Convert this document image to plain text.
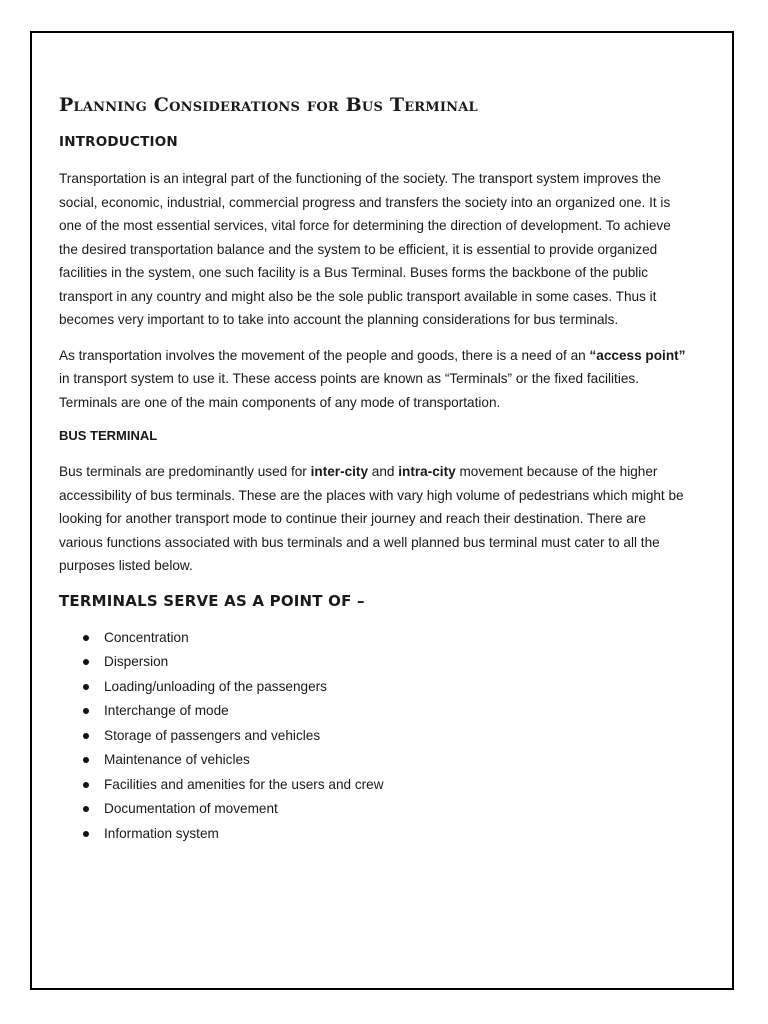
Planning Considerations for Bus Terminal
INTRODUCTION

Transportation is an integral part of the functioning of the society. The transport system improves the social, economic, industrial, commercial progress and transfers the society into an organized one. It is one of the most essential services, vital force for determining the direction of development. To achieve the desired transportation balance and the system to be efficient, it is essential to provide organized facilities in the system, one such facility is a Bus Terminal. Buses forms the backbone of the public transport in any country and might also be the sole public transport available in some cases. Thus it becomes very important to to take into account the planning considerations for bus terminals.

As transportation involves the movement of the people and goods, there is a need of an “access point” in transport system to use it. These access points are known as “Terminals” or the fixed facilities. Terminals are one of the main components of any mode of transportation.

BUS TERMINAL

Bus terminals are predominantly used for inter-city and intra-city movement because of the higher accessibility of bus terminals. These are the places with vary high volume of pedestrians which might be looking for another transport mode to continue their journey and reach their destination. There are various functions associated with bus terminals and a well planned bus terminal must cater to all the purposes listed below.

TERMINALS SERVE AS A POINT OF –
Concentration
Dispersion
Loading/unloading of the passengers
Interchange of mode
Storage of passengers and vehicles
Maintenance of vehicles
Facilities and amenities for the users and crew
Documentation of movement
Information system
